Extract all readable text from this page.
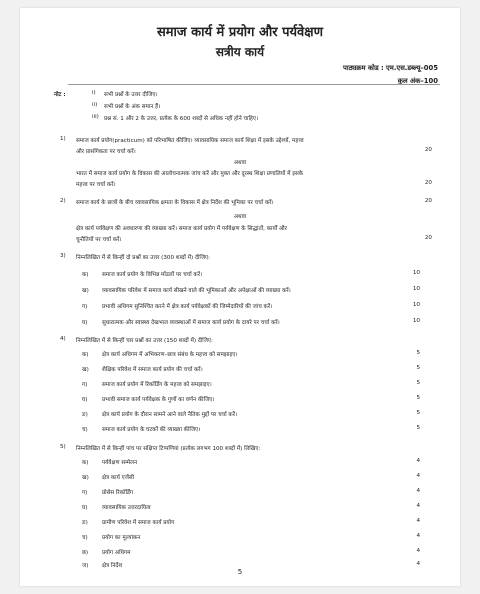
समाज कार्य में प्रयोग और पर्यवेक्षण
सत्रीय कार्य
पाठ्यक्रम कोड : एम.एस.डब्ल्यू–005
कुल अंक–100
नोट :	i) सभी प्रश्नों के उत्तर दीजिए।
ii) सभी प्रश्नों के अंक समान हैं।
iii) प्रश्न सं. 1 और 2 के उत्तर, प्रत्येक के 600 शब्दों से अधिक नहीं होने चाहिए।
1) समाज कार्य प्रयोग(practicum) को परिभाषित कीजिए। व्यावसायिक समाज कार्य शिक्षा में इसके उद्देश्यों, महत्त्व
और प्रासंगिकता पर चर्चा करें।	20
अथवा
भारत में समाज कार्य प्रयोग के विकास की आलोचनात्मक जांच करें और मुक्त और दूरस्थ शिक्षा प्रणालियों में इसके
महत्त्व पर चर्चा करें।	20
2) समाज कार्य के छात्रों के बीच व्यावसायिक क्षमता के विकास में क्षेत्र निर्देश की भूमिका पर चर्चा करें।	20
अथवा
क्षेत्र कार्य पर्यवेक्षण की अवधारणा की व्याख्या करें। समाज कार्य प्रयोग में पर्यवेक्षण के सिद्धांतों, कार्यों और
चुनौतियों पर चर्चा करें।	20
3) निम्नलिखित में से किन्हीं दो प्रश्नों का उत्तर (300 शब्दों में) दीजिए:
क) समाज कार्य प्रयोग के विभिन्न मॉडलों पर चर्चा करें।	10
ख) व्यावसायिक परिवेश में समाज कार्य सीखने वाले की भूमिकाओं और अपेक्षाओं की व्याख्या करें।	10
ग)	प्रभावी अधिगम सुनिश्चित करने में क्षेत्र कार्य पर्यवेक्षकों की जिम्मेदारियों की जांच करें।	10
घ)	सुधारात्मक और स्वास्थ्य देखभाल व्यवस्थाओं में समाज कार्य प्रयोग के दायरे पर चर्चा करें।	10
4) निम्नलिखित में से किन्हीं चार प्रश्नों का उत्तर (150 शब्दों में) दीजिए:
क) क्षेत्र कार्य अधिगम में अभिकरण–छात्र संबंध के महत्त्व को समझाइए।	5
ख) शैक्षिक परिवेश में समाज कार्य प्रयोग की चर्चा करें।	5
ग)	समाज कार्य प्रयोग में रिकॉर्डिंग के महत्त्व को समझाइए।	5
घ)	प्रभावी समाज कार्य पर्यवेक्षक के गुणों का वर्णन कीजिए।	5
ङ)	क्षेत्र कार्य प्रयोग के दौरान सामने आने वाले नैतिक मुद्दों पर चर्चा करें।	5
च)	समाज कार्य प्रयोग के घटकों की व्याख्या कीजिए।	5
5) निम्नलिखित में से किन्हीं पांच पर संक्षिप्त टिप्पणियां (प्रत्येक लगभग 100 शब्दों में) लिखिए:
क) पर्यवेक्षण सम्मेलन	4
ख) क्षेत्र कार्य एजेंसी	4
ग)	प्रोसेस रिकॉर्डिंग	4
घ)	व्यावसायिक उत्तरदायित्व	4
ङ)	ग्रामीण परिवेश में समाज कार्य प्रयोग	4
च)	प्रयोग का मूल्यांकन	4
छ) प्रयोग अधिगम	4
ज) क्षेत्र निर्देश	4
5
